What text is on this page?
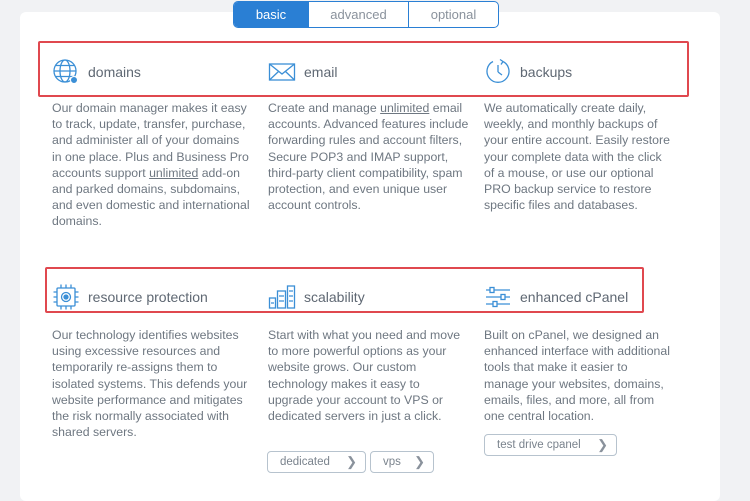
basic	advanced	optional
domains

Our domain manager makes it easy to track, update, transfer, purchase, and administer all of your domains in one place. Plus and Business Pro accounts support unlimited add-on and parked domains, subdomains, and even domestic and international domains.

email

Create and manage unlimited email accounts. Advanced features include forwarding rules and account filters, Secure POP3 and IMAP support, third-party client compatibility, spam protection, and even unique user account controls.

backups

We automatically create daily, weekly, and monthly backups of your entire account. Easily restore your complete data with the click of a mouse, or use our optional PRO backup service to restore specific files and databases.

resource protection

Our technology identifies websites using excessive resources and temporarily re-assigns them to isolated systems. This defends your website performance and mitigates the risk normally associated with shared servers.

scalability

Start with what you need and move to more powerful options as your website grows. Our custom technology makes it easy to upgrade your account to VPS or dedicated servers in just a click.

enhanced cPanel

Built on cPanel, we designed an enhanced interface with additional tools that make it easier to manage your websites, domains, emails, files, and more, all from one central location.

dedicated ❯	vps ❯
test drive cpanel ❯
